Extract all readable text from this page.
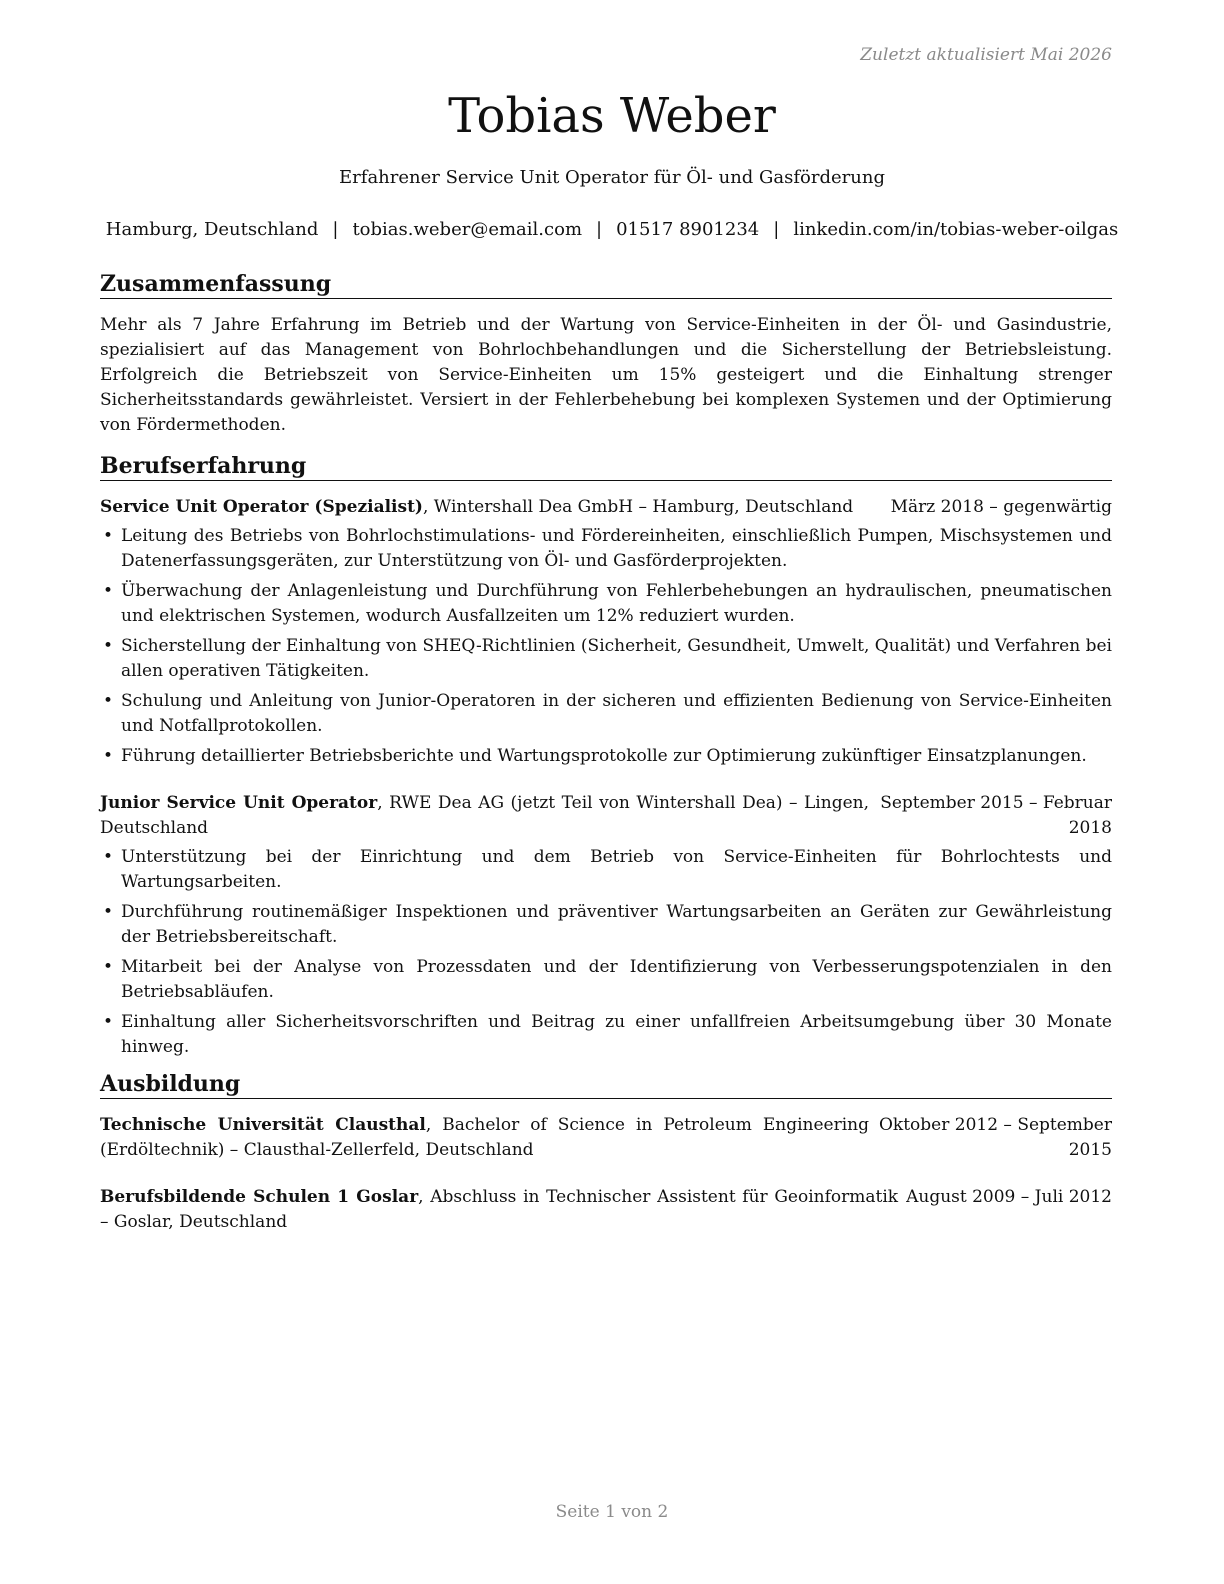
Zuletzt aktualisiert Mai 2026
Tobias Weber
Erfahrener Service Unit Operator für Öl- und Gasförderung
Hamburg, Deutschland | tobias.weber@email.com | 01517 8901234 | linkedin.com/in/tobias-weber-oilgas
Zusammenfassung

Mehr als 7 Jahre Erfahrung im Betrieb und der Wartung von Service-Einheiten in der Öl- und Gasindustrie, spezialisiert auf das Management von Bohrlochbehandlungen und die Sicherstellung der Betriebsleistung. Erfolgreich die Betriebszeit von Service-Einheiten um 15% gesteigert und die Einhaltung strenger Sicherheitsstandards gewährleistet. Versiert in der Fehlerbehebung bei komplexen Systemen und der Optimierung von Fördermethoden.

Berufserfahrung
Service Unit Operator (Spezialist), Wintershall Dea GmbH – Hamburg, Deutschland	März 2018 – gegenwärtig
• Leitung des Betriebs von Bohrlochstimulations- und Fördereinheiten, einschließlich Pumpen, Mischsystemen und Datenerfassungsgeräten, zur Unterstützung von Öl- und Gasförderprojekten.
• Überwachung der Anlagenleistung und Durchführung von Fehlerbehebungen an hydraulischen, pneumatischen und elektrischen Systemen, wodurch Ausfallzeiten um 12% reduziert wurden.
• Sicherstellung der Einhaltung von SHEQ-Richtlinien (Sicherheit, Gesundheit, Umwelt, Qualität) und Verfahren bei allen operativen Tätigkeiten.
• Schulung und Anleitung von Junior-Operatoren in der sicheren und effizienten Bedienung von Service-Einheiten und Notfallprotokollen.
• Führung detaillierter Betriebsberichte und Wartungsprotokolle zur Optimierung zukünftiger Einsatzplanungen.
Junior Service Unit Operator, RWE Dea AG (jetzt Teil von Wintershall Dea) – Lingen, Deutschland
September 2015 – Februar 2018
• Unterstützung bei der Einrichtung und dem Betrieb von Service-Einheiten für Bohrlochtests und Wartungsarbeiten.
• Durchführung routinemäßiger Inspektionen und präventiver Wartungsarbeiten an Geräten zur Gewährleistung der Betriebsbereitschaft.
• Mitarbeit bei der Analyse von Prozessdaten und der Identifizierung von Verbesserungspotenzialen in den Betriebsabläufen.
• Einhaltung aller Sicherheitsvorschriften und Beitrag zu einer unfallfreien Arbeitsumgebung über 30 Monate hinweg.
Ausbildung
Technische Universität Clausthal, Bachelor of Science in Petroleum Engineering (Erdöltechnik) – Clausthal-Zellerfeld, Deutschland
Oktober 2012 – September 2015
Berufsbildende Schulen 1 Goslar, Abschluss in Technischer Assistent für Geoinformatik – Goslar, Deutschland
August 2009 – Juli 2012
Seite 1 von 2
